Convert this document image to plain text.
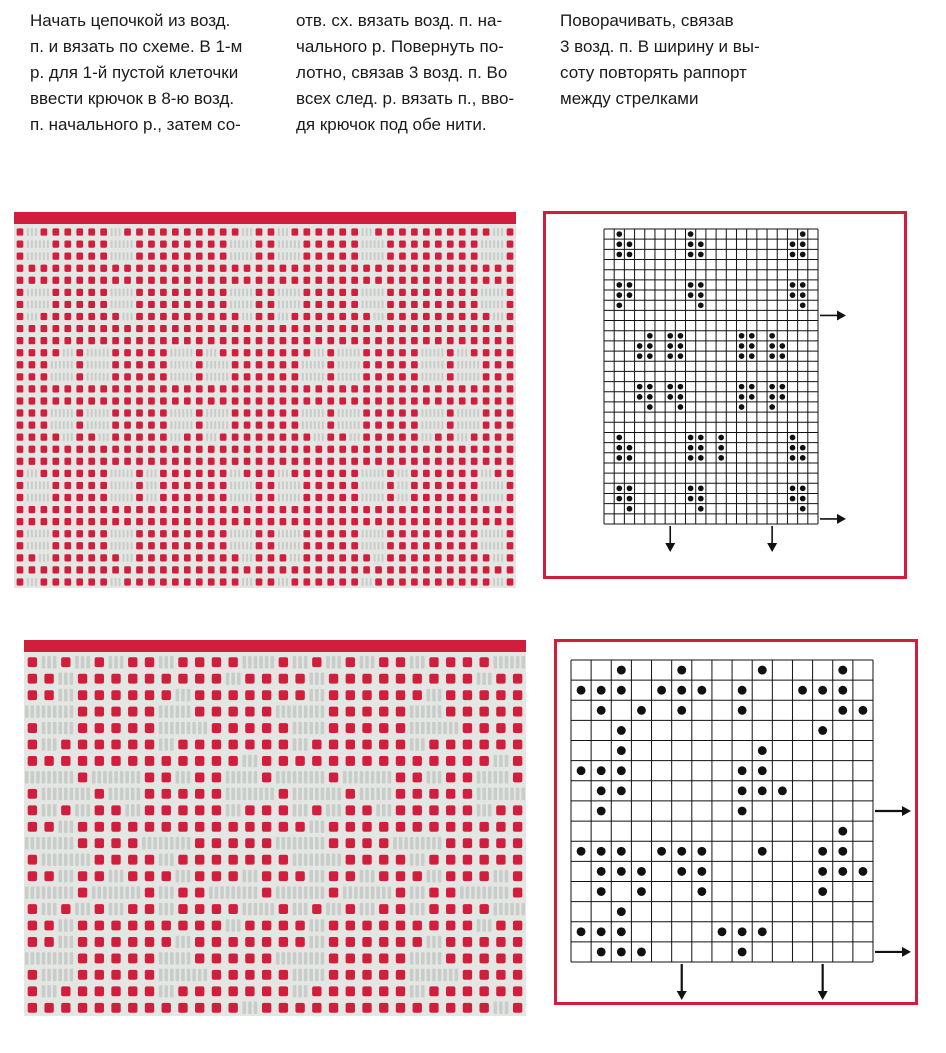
Начать цепочкой из возд.
п. и вязать по схеме. В 1-м
р. для 1-й пустой клеточки
ввести крючок в 8-ю возд.
п. начального р., затем со-
отв. сх. вязать возд. п. на-
чального р. Повернуть по-
лотно, связав 3 возд. п. Во
всех след. р. вязать п., вво-
дя крючок под обе нити.
Поворачивать, связав
3 возд. п. В ширину и вы-
соту повторять раппорт
между стрелками
